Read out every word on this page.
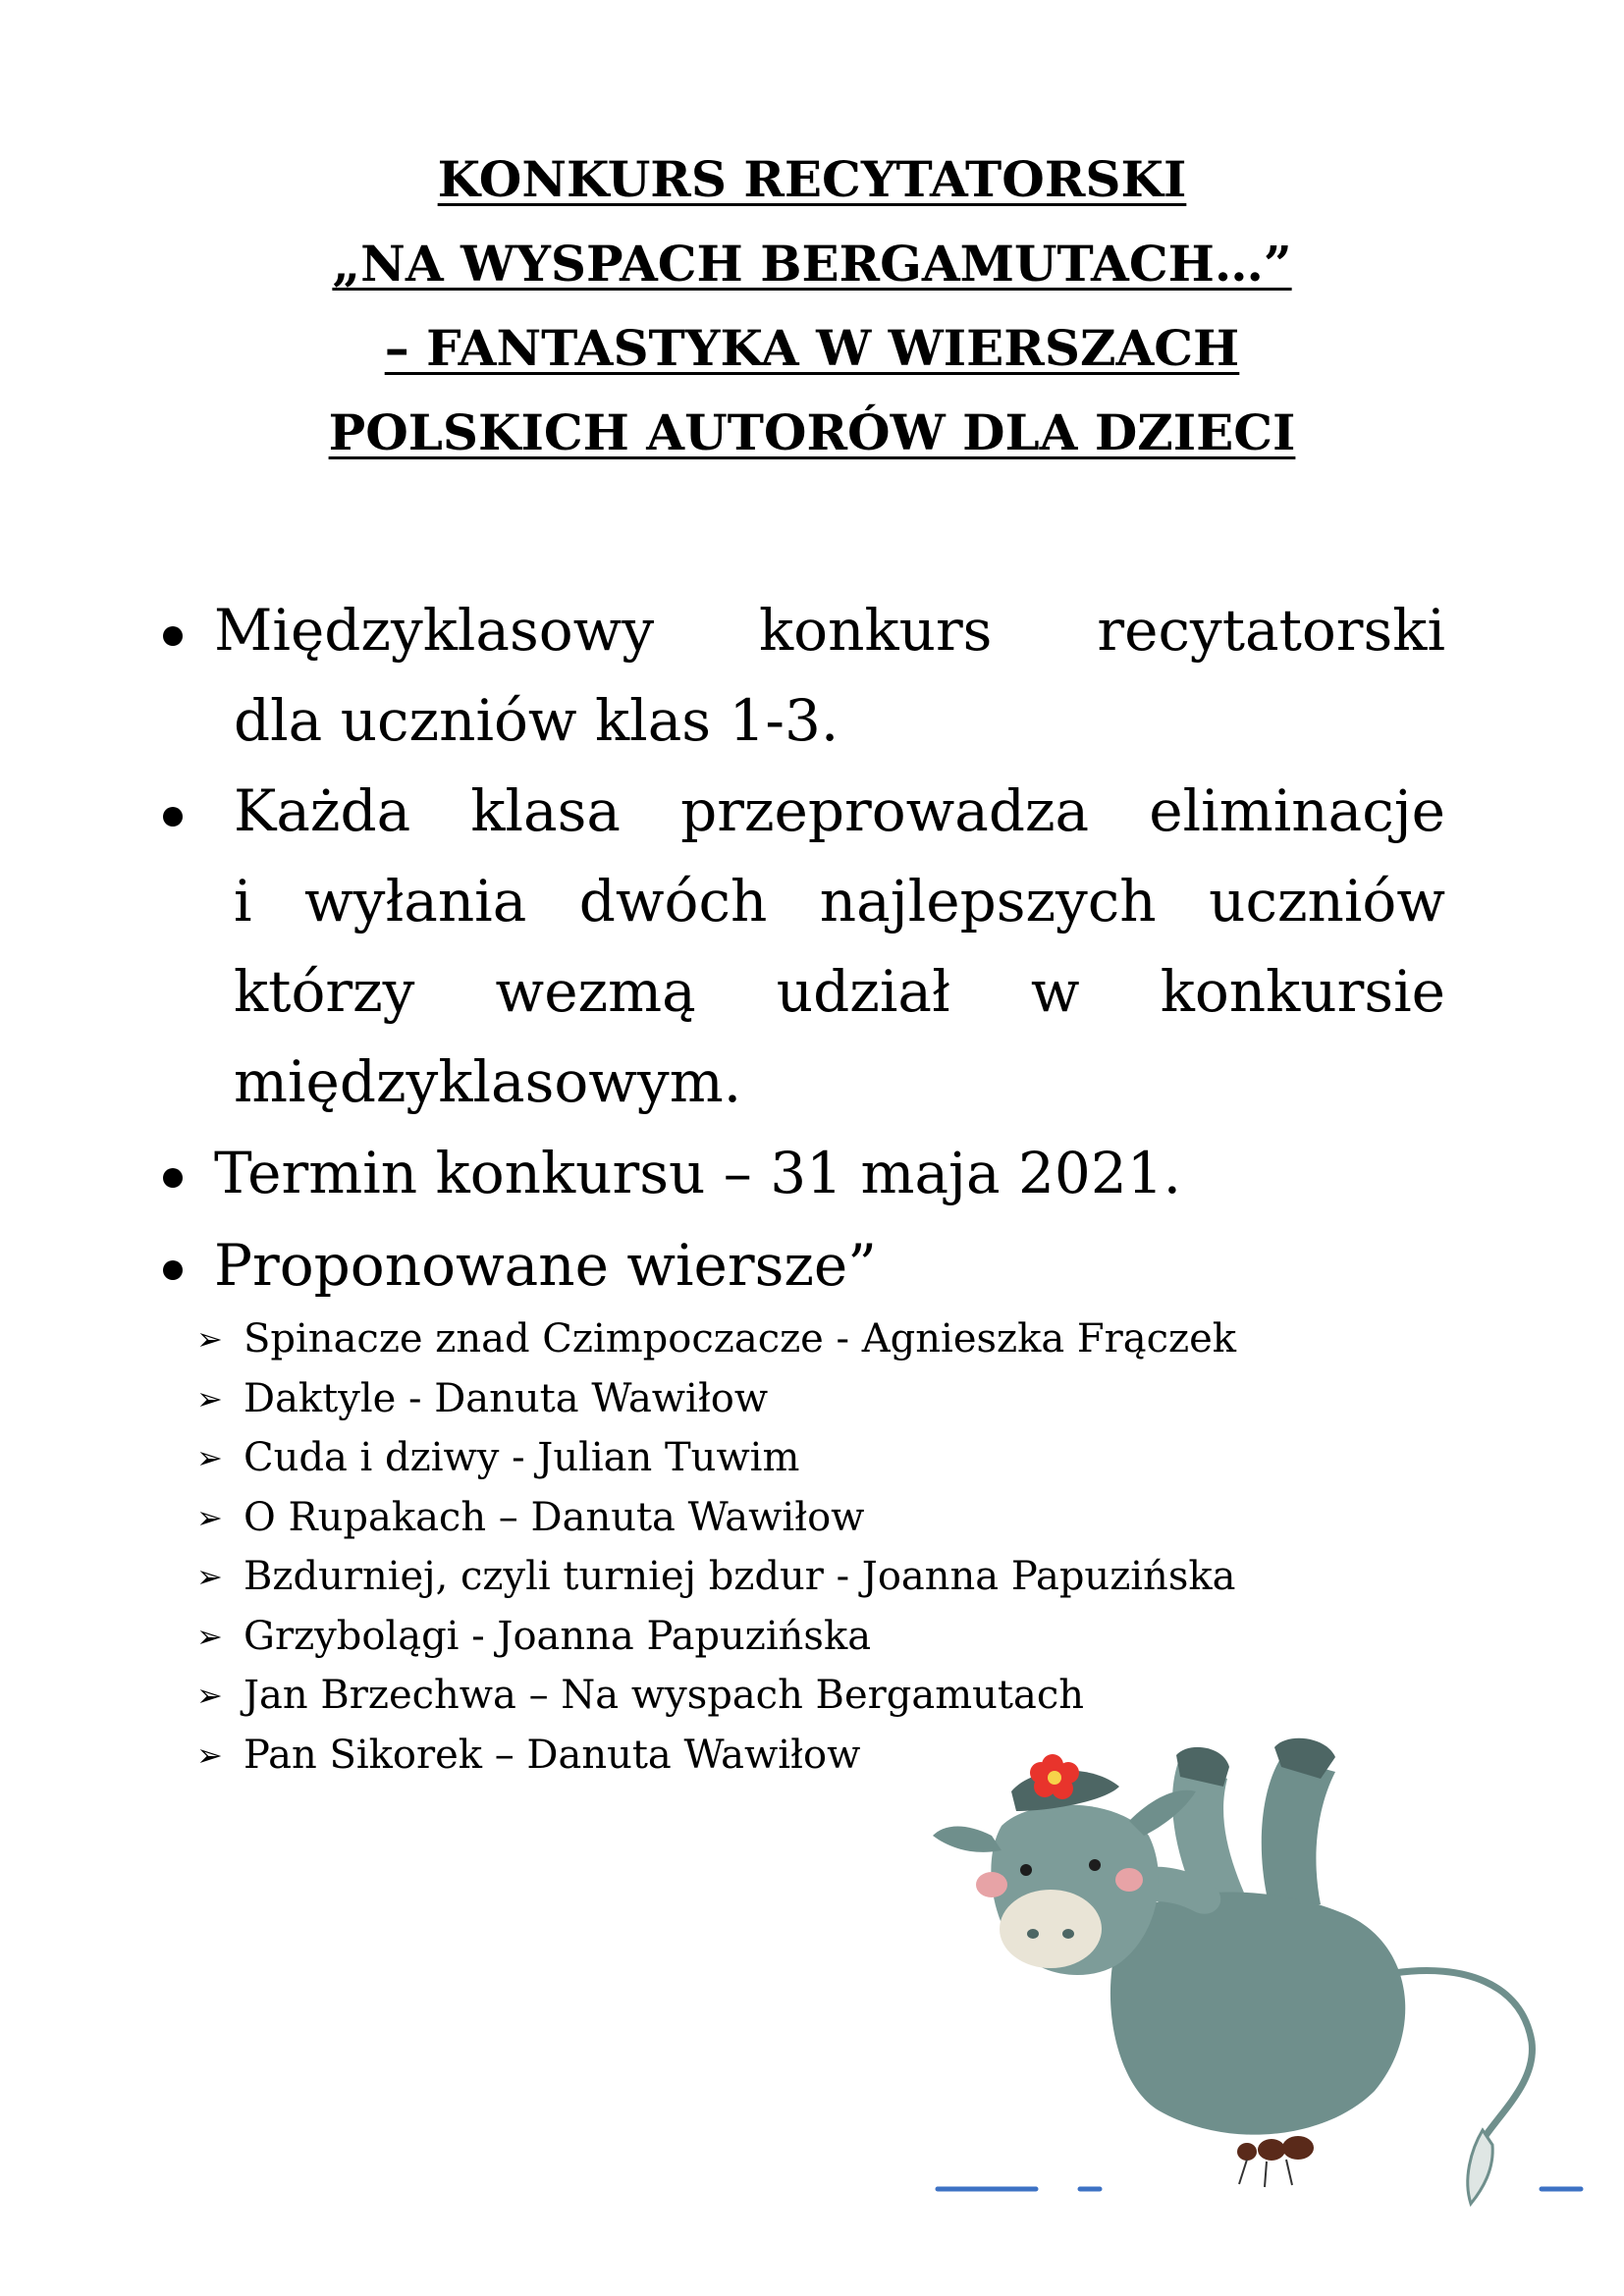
KONKURS RECYTATORSKI
„NA WYSPACH BERGAMUTACH…”
– FANTASTYKA W WIERSZACH
POLSKICH AUTORÓW DLA DZIECI
Międzyklasowy konkurs recytatorski
dla uczniów klas 1-3.
Każda klasa przeprowadza eliminacje
i wyłania dwóch najlepszych uczniów
którzy wezmą udział w konkursie
międzyklasowym.
Termin konkursu – 31 maja 2021.
Proponowane wiersze”
➢ Spinacze znad Czimpoczacze - Agnieszka Frączek
➢ Daktyle - Danuta Wawiłow
➢ Cuda i dziwy - Julian Tuwim
➢ O Rupakach – Danuta Wawiłow
➢ Bzdurniej, czyli turniej bzdur - Joanna Papuzińska
➢ Grzybolągi - Joanna Papuzińska
➢ Jan Brzechwa – Na wyspach Bergamutach
➢ Pan Sikorek – Danuta Wawiłow
